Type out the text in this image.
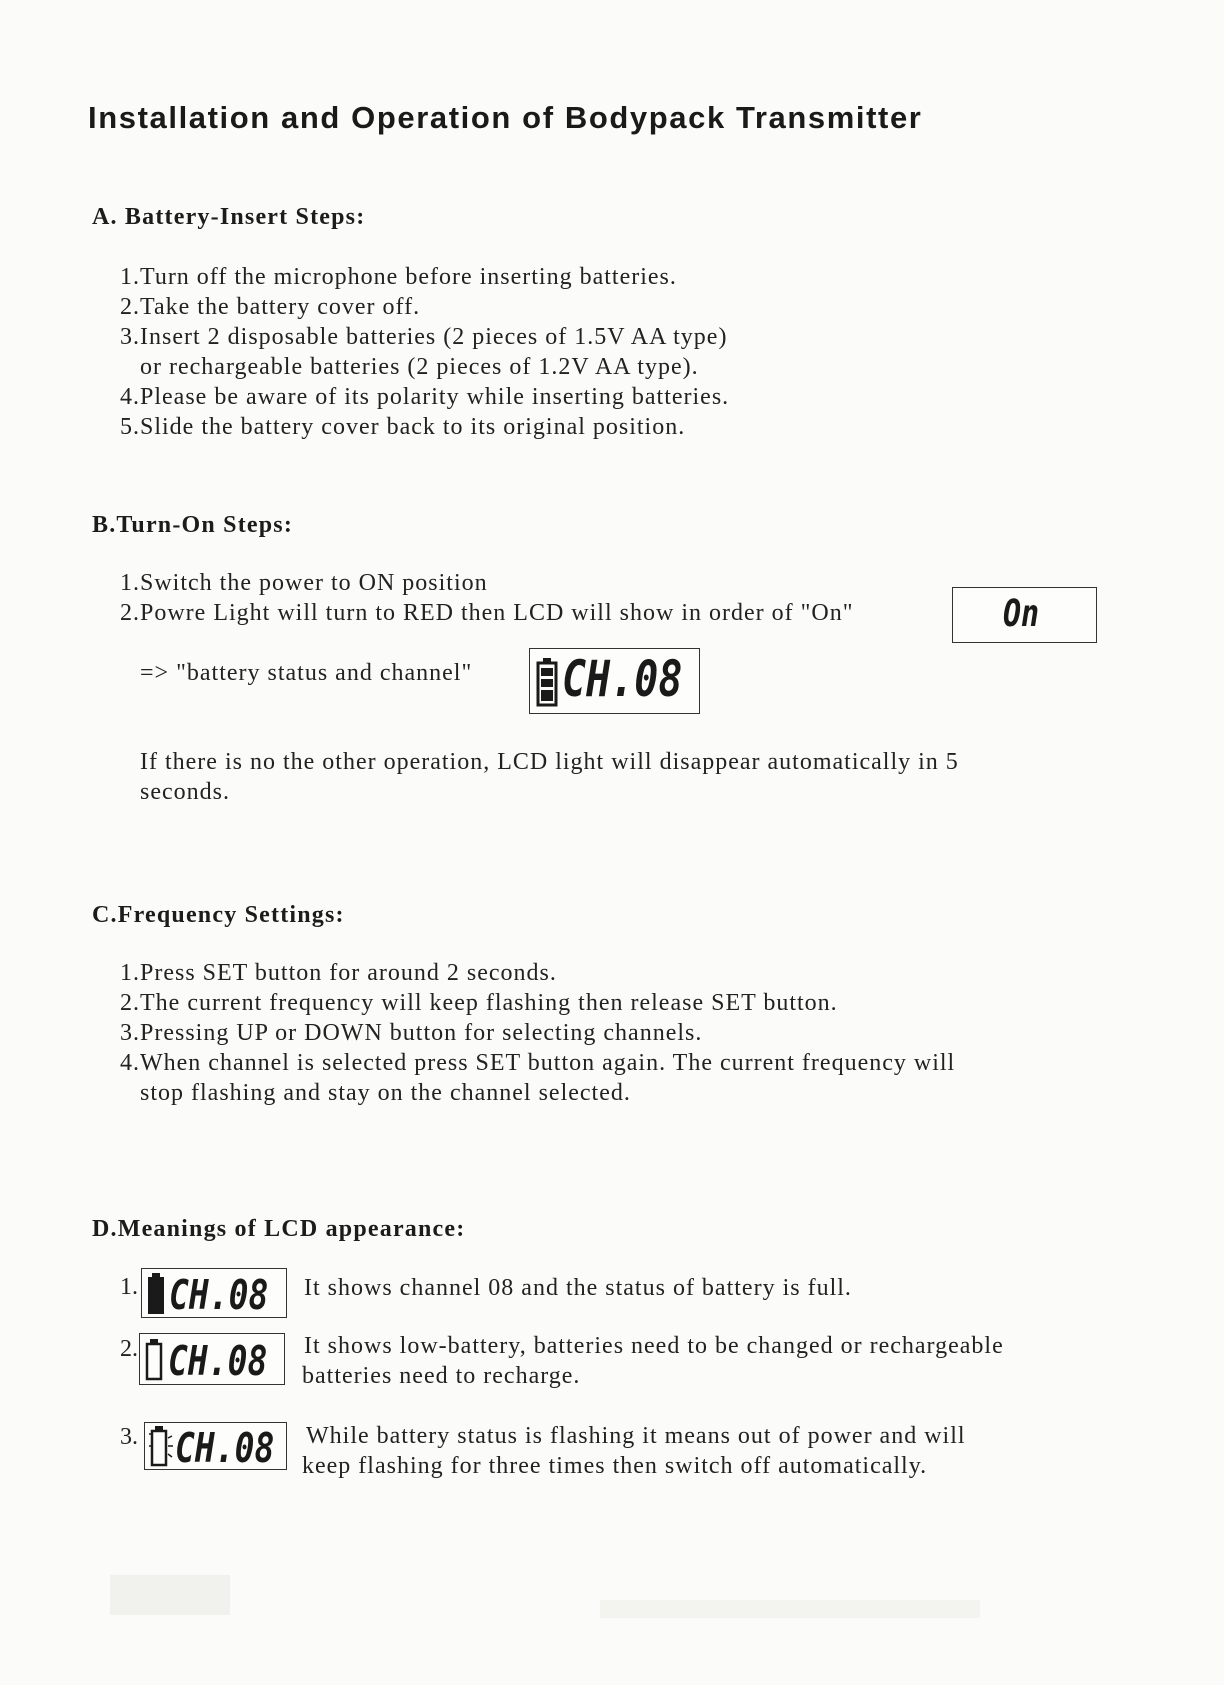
Installation and Operation of Bodypack Transmitter
A. Battery-Insert Steps:
1.Turn off the microphone before inserting batteries.
2.Take the battery cover off.
3.Insert 2 disposable batteries (2 pieces of 1.5V AA type)
or rechargeable batteries (2 pieces of 1.2V AA type).
4.Please be aware of its polarity while inserting batteries.
5.Slide the battery cover back to its original position.
B.Turn-On Steps:
1.Switch the power to ON position
2.Powre Light will turn to RED then LCD will show in order of "On"	On
=> "battery status and channel" CH.08
If there is no the other operation, LCD light will disappear automatically in 5
seconds.
C.Frequency Settings:
1.Press SET button for around 2 seconds.
2.The current frequency will keep flashing then release SET button.
3.Pressing UP or DOWN button for selecting channels.
4.When channel is selected press SET button again. The current frequency will
stop flashing and stay on the channel selected.
D.Meanings of LCD appearance:
1. CH.08 It shows channel 08 and the status of battery is full.
2. CH.08 It shows low-battery, batteries need to be changed or rechargeable
batteries need to recharge.
3. CH.08 While battery status is flashing it means out of power and will
keep flashing for three times then switch off automatically.
